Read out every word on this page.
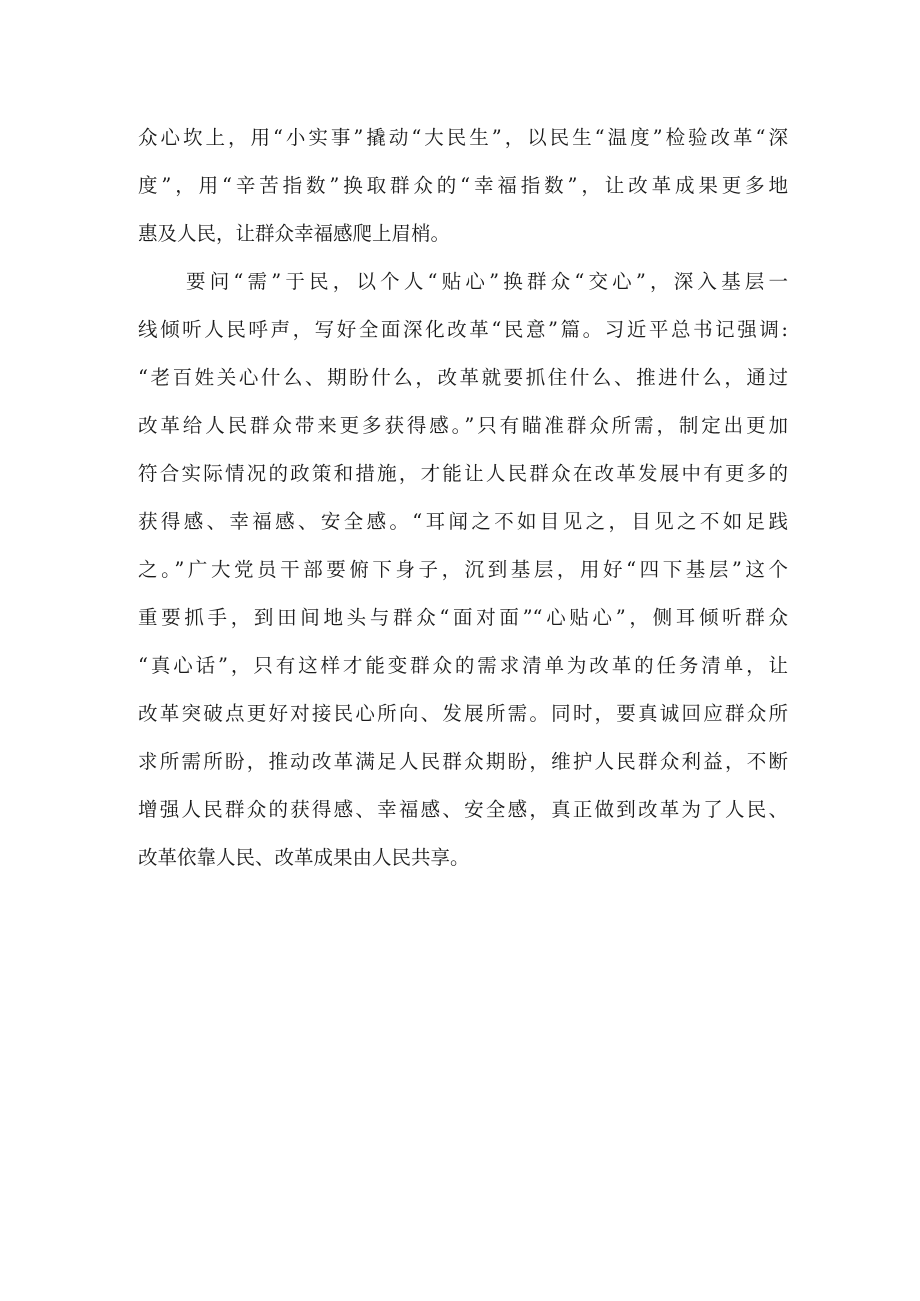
众心坎上，用“小实事”撬动“大民生”，以民生“温度”检验改革“深
度”，用“辛苦指数”换取群众的“幸福指数”，让改革成果更多地
惠及人民，让群众幸福感爬上眉梢。
要问“需”于民，以个人“贴心”换群众“交心”，深入基层一
线倾听人民呼声，写好全面深化改革“民意”篇。习近平总书记强调:
“老百姓关心什么、期盼什么，改革就要抓住什么、推进什么，通过
改革给人民群众带来更多获得感。”只有瞄准群众所需，制定出更加
符合实际情况的政策和措施，才能让人民群众在改革发展中有更多的
获得感、幸福感、安全感。“耳闻之不如目见之，目见之不如足践
之。”广大党员干部要俯下身子，沉到基层，用好“四下基层”这个
重要抓手，到田间地头与群众“面对面”“心贴心”，侧耳倾听群众
“真心话”，只有这样才能变群众的需求清单为改革的任务清单，让
改革突破点更好对接民心所向、发展所需。同时，要真诚回应群众所
求所需所盼，推动改革满足人民群众期盼，维护人民群众利益，不断
增强人民群众的获得感、幸福感、安全感，真正做到改革为了人民、
改革依靠人民、改革成果由人民共享。
